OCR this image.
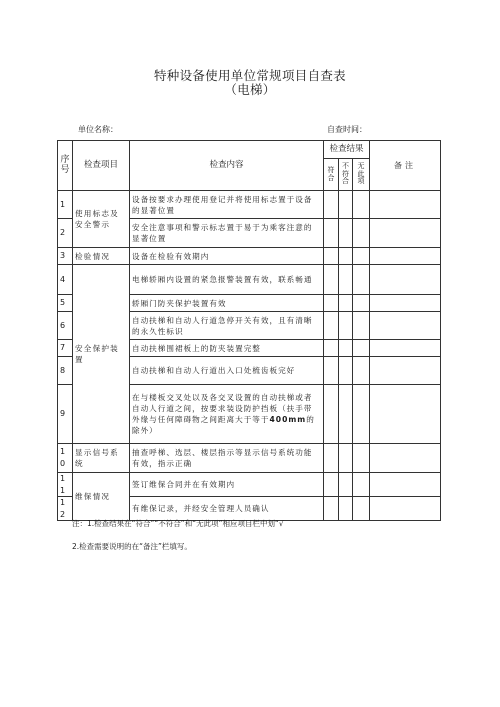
特种设备使用单位常规项目自查表
（电梯）
单位名称：	自查时间：
序号	检查项目	检查内容	检查结果			备注
			符合	不符合	无此项	
1	使用标志及安全警示	设备按要求办理使用登记并将使用标志置于设备的显著位置				
2		安全注意事项和警示标志置于易于为乘客注意的显著位置				
3	检验情况	设备在检验有效期内				
4	安全保护装置	电梯轿厢内设置的紧急报警装置有效，联系畅通				
5		轿厢门防夹保护装置有效				
6		自动扶梯和自动人行道急停开关有效，且有清晰的永久性标识				
7		自动扶梯围裙板上的防夹装置完整				
8		自动扶梯和自动人行道出入口处梳齿板完好				
9		在与楼板交叉处以及各交叉设置的自动扶梯或者自动人行道之间，按要求装设防护挡板（扶手带外缘与任何障碍物之间距离大于等于400mm的除外）				
10	显示信号系统	抽查呼梯、选层、楼层指示等显示信号系统功能有效，指示正确				
11	维保情况	签订维保合同并在有效期内				
12		有维保记录，并经安全管理人员确认				
注：1.检查结果在“符合”“不符合”和“无此项”相应项目栏中划“√
2.检查需要说明的在“备注”栏填写。
